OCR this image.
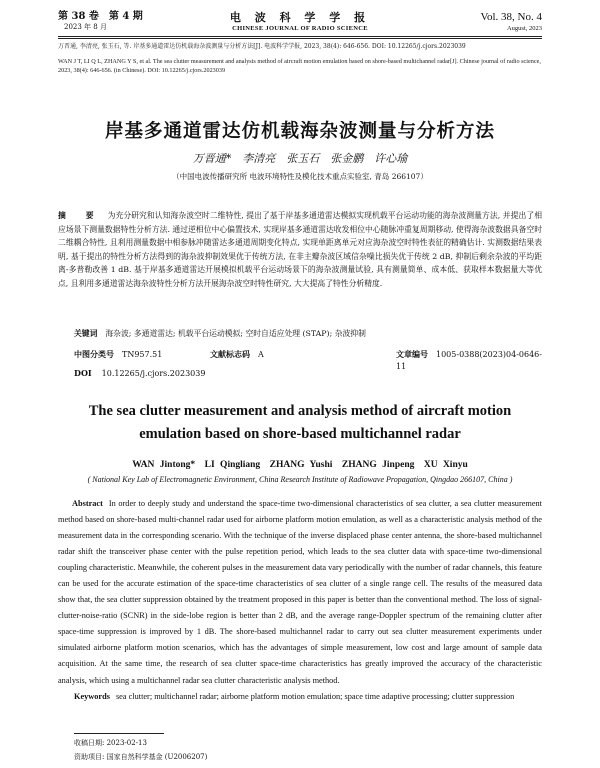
第 38 卷　第 4 期
2023 年 8 月
电 波 科 学 学 报
CHINESE JOURNAL OF RADIO SCIENCE
Vol. 38, No. 4
August, 2023
万晋通, 李清亮, 张玉石, 等. 岸基多通道雷达仿机载海杂波测量与分析方法[J]. 电波科学学报, 2023, 38(4): 646-656. DOI: 10.12265/j.cjors.2023039
WAN J T, LI Q L, ZHANG Y S, et al. The sea clutter measurement and analysis method of aircraft motion emulation based on shore-based multichannel radar[J]. Chinese journal of radio science, 2023, 38(4): 646-656. (in Chinese). DOI: 10.12265/j.cjors.2023039
岸基多通道雷达仿机载海杂波测量与分析方法
万晋通*　李清亮　张玉石　张金鹏　许心瑜
（中国电波传播研究所 电波环境特性及模化技术重点实验室, 青岛 266107）
摘　要 为充分研究和认知海杂波空时二维特性, 提出了基于岸基多通道雷达模拟实现机载平台运动功能的海杂波测量方法, 并提出了相应场景下测量数据特性分析方法. 通过逆相位中心偏置技术, 实现岸基多通道雷达收发相位中心随脉冲重复周期移动, 使得海杂波数据具备空时二维耦合特性, 且利用测量数据中相参脉冲随雷达多通道周期变化特点, 实现单距离单元对应海杂波空时特性表征的精确估计. 实测数据结果表明, 基于提出的特性分析方法得到的海杂波抑制效果优于传统方法, 在非主瓣杂波区域信杂噪比损失优于传统 2 dB, 抑制后剩余杂波的平均距离-多普勒改善 1 dB. 基于岸基多通道雷达开展模拟机载平台运动场景下的海杂波测量试验, 具有测量简单、成本低、获取样本数据量大等优点, 且利用多通道雷达海杂波特性分析方法开展海杂波空时特性研究, 大大提高了特性分析精度.
关键词 海杂波; 多通道雷达; 机载平台运动模拟; 空时自适应处理 (STAP); 杂波抑制
中图分类号 TN957.51	文献标志码 A	文章编号 1005-0388(2023)04-0646-11
DOI 10.12265/j.cjors.2023039
The sea clutter measurement and analysis method of aircraft motion emulation based on shore-based multichannel radar
WAN Jintong*　LI Qingliang　ZHANG Yushi　ZHANG Jinpeng　XU Xinyu
( National Key Lab of Electromagnetic Environment, China Research Institute of Radiowave Propagation, Qingdao 266107, China )
Abstract In order to deeply study and understand the space-time two-dimensional characteristics of sea clutter, a sea clutter measurement method based on shore-based multi-channel radar used for airborne platform motion emulation, as well as a characteristic analysis method of the measurement data in the corresponding scenario. With the technique of the inverse displaced phase center antenna, the shore-based multichannel radar shift the transceiver phase center with the pulse repetition period, which leads to the sea clutter data with space-time two-dimensional coupling characteristic. Meanwhile, the coherent pulses in the measurement data vary periodically with the number of radar channels, this feature can be used for the accurate estimation of the space-time characteristics of sea clutter of a single range cell. The results of the measured data show that, the sea clutter suppression obtained by the treatment proposed in this paper is better than the conventional method. The loss of signal-clutter-noise-ratio (SCNR) in the side-lobe region is better than 2 dB, and the average range-Doppler spectrum of the remaining clutter after space-time suppression is improved by 1 dB. The shore-based multichannel radar to carry out sea clutter measurement experiments under simulated airborne platform motion scenarios, which has the advantages of simple measurement, low cost and large amount of sample data acquisition. At the same time, the research of sea clutter space-time characteristics has greatly improved the accuracy of the characteristic analysis, which using a multichannel radar sea clutter characteristic analysis method.
Keywords sea clutter; multichannel radar; airborne platform motion emulation; space time adaptive processing; clutter suppression
收稿日期: 2023-02-13
资助项目: 国家自然科学基金 (U2006207)
